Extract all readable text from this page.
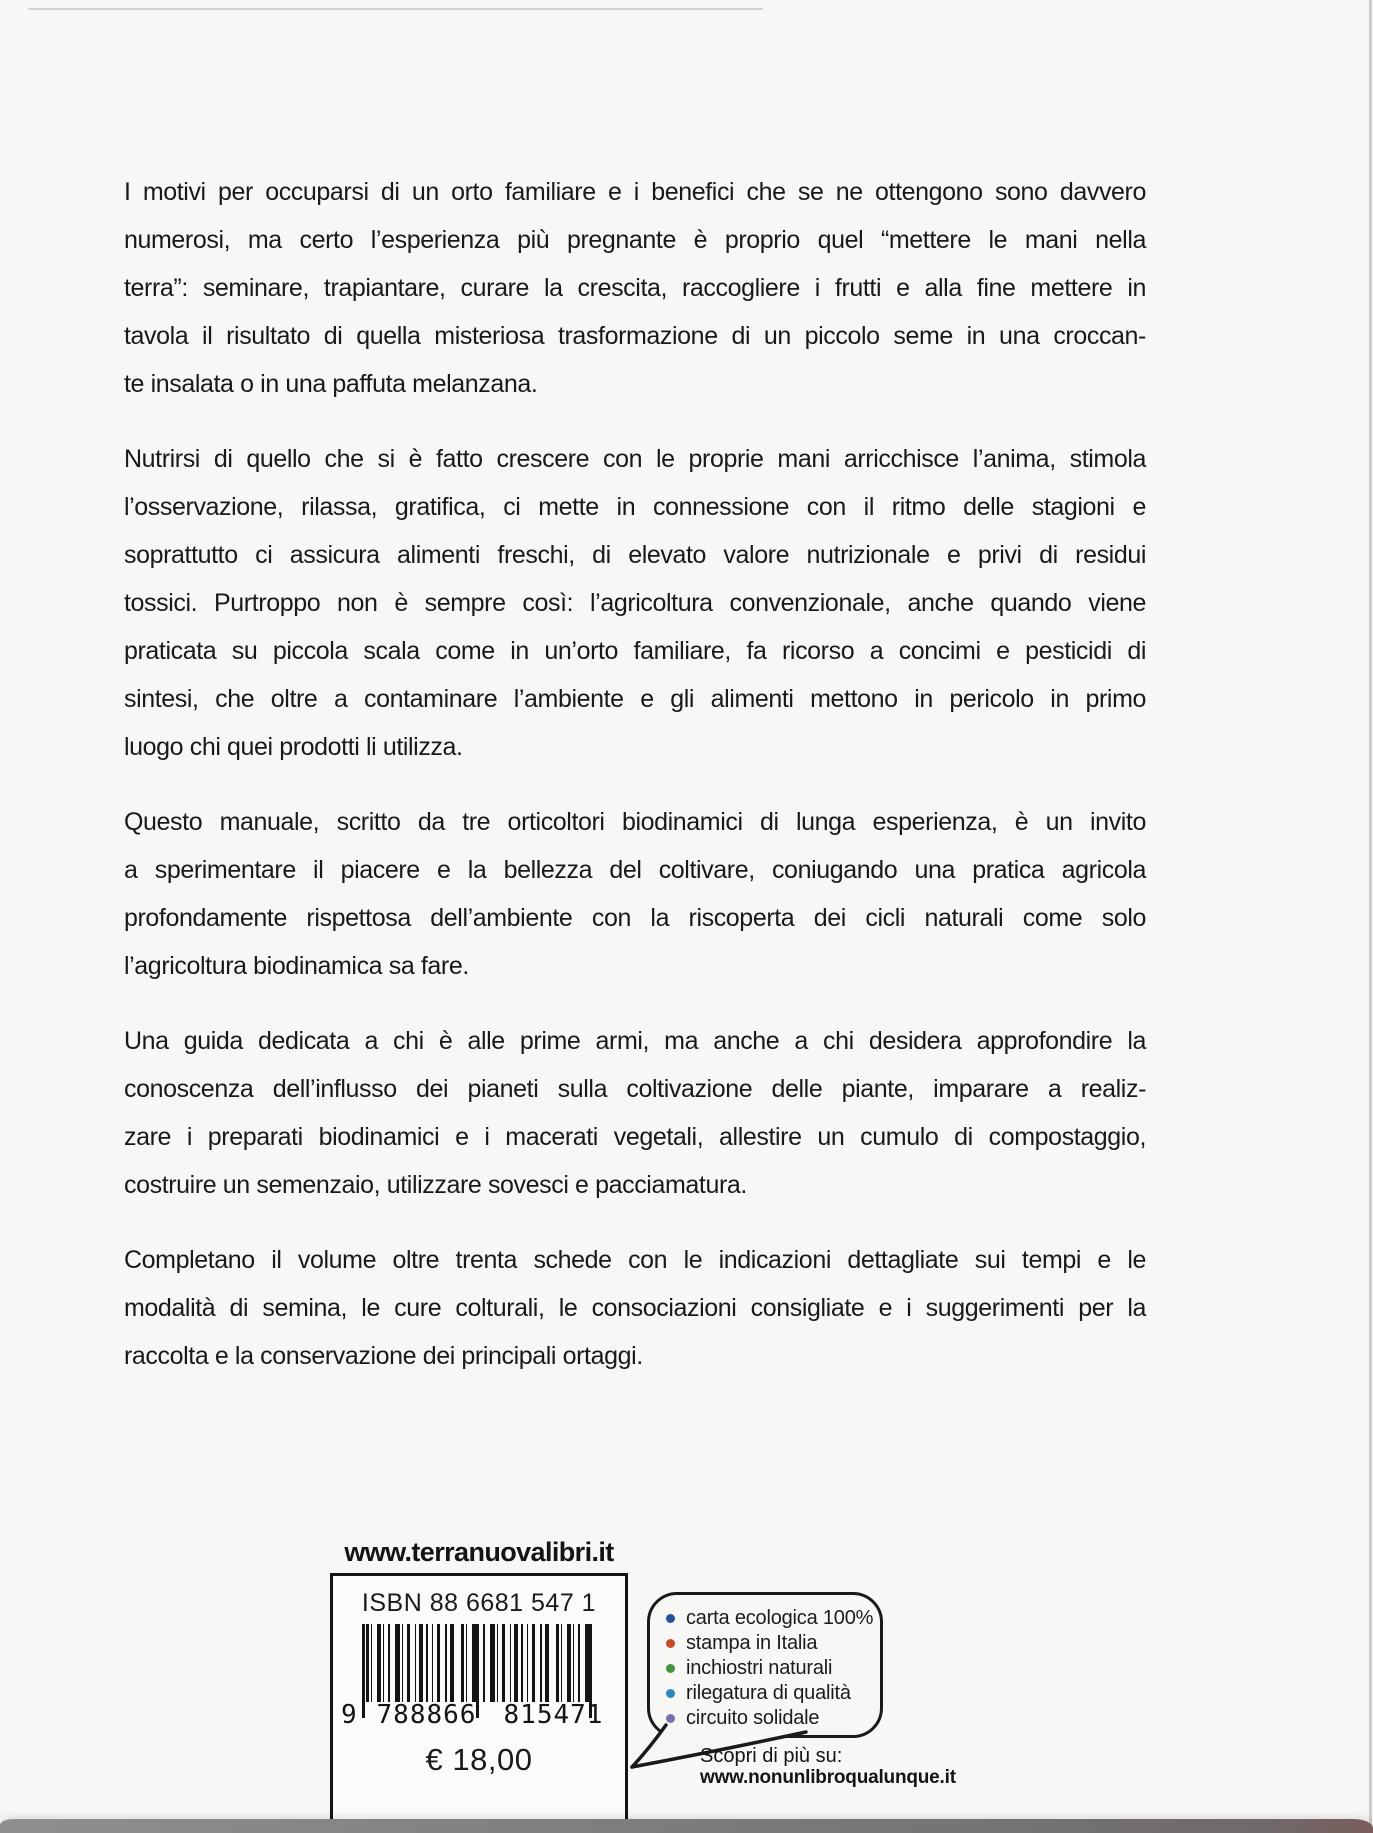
I motivi per occuparsi di un orto familiare e i benefici che se ne ottengono sono davvero
numerosi, ma certo l’esperienza più pregnante è proprio quel “mettere le mani nella
terra”: seminare, trapiantare, curare la crescita, raccogliere i frutti e alla fine mettere in
tavola il risultato di quella misteriosa trasformazione di un piccolo seme in una croccan-
te insalata o in una paffuta melanzana.
Nutrirsi di quello che si è fatto crescere con le proprie mani arricchisce l’anima, stimola
l’osservazione, rilassa, gratifica, ci mette in connessione con il ritmo delle stagioni e
soprattutto ci assicura alimenti freschi, di elevato valore nutrizionale e privi di residui
tossici. Purtroppo non è sempre così: l’agricoltura convenzionale, anche quando viene
praticata su piccola scala come in un’orto familiare, fa ricorso a concimi e pesticidi di
sintesi, che oltre a contaminare l’ambiente e gli alimenti mettono in pericolo in primo
luogo chi quei prodotti li utilizza.
Questo manuale, scritto da tre orticoltori biodinamici di lunga esperienza, è un invito
a sperimentare il piacere e la bellezza del coltivare, coniugando una pratica agricola
profondamente rispettosa dell’ambiente con la riscoperta dei cicli naturali come solo
l’agricoltura biodinamica sa fare.
Una guida dedicata a chi è alle prime armi, ma anche a chi desidera approfondire la
conoscenza dell’influsso dei pianeti sulla coltivazione delle piante, imparare a realiz-
zare i preparati biodinamici e i macerati vegetali, allestire un cumulo di compostaggio,
costruire un semenzaio, utilizzare sovesci e pacciamatura.
Completano il volume oltre trenta schede con le indicazioni dettagliate sui tempi e le
modalità di semina, le cure colturali, le consociazioni consigliate e i suggerimenti per la
raccolta e la conservazione dei principali ortaggi.
www.terranuovalibri.it
ISBN 88 6681 547 1
9 788866	815471
€ 18,00
carta ecologica 100%
stampa in Italia
inchiostri naturali
rilegatura di qualità
circuito solidale
Scopri di più su:
www.nonunlibroqualunque.it
